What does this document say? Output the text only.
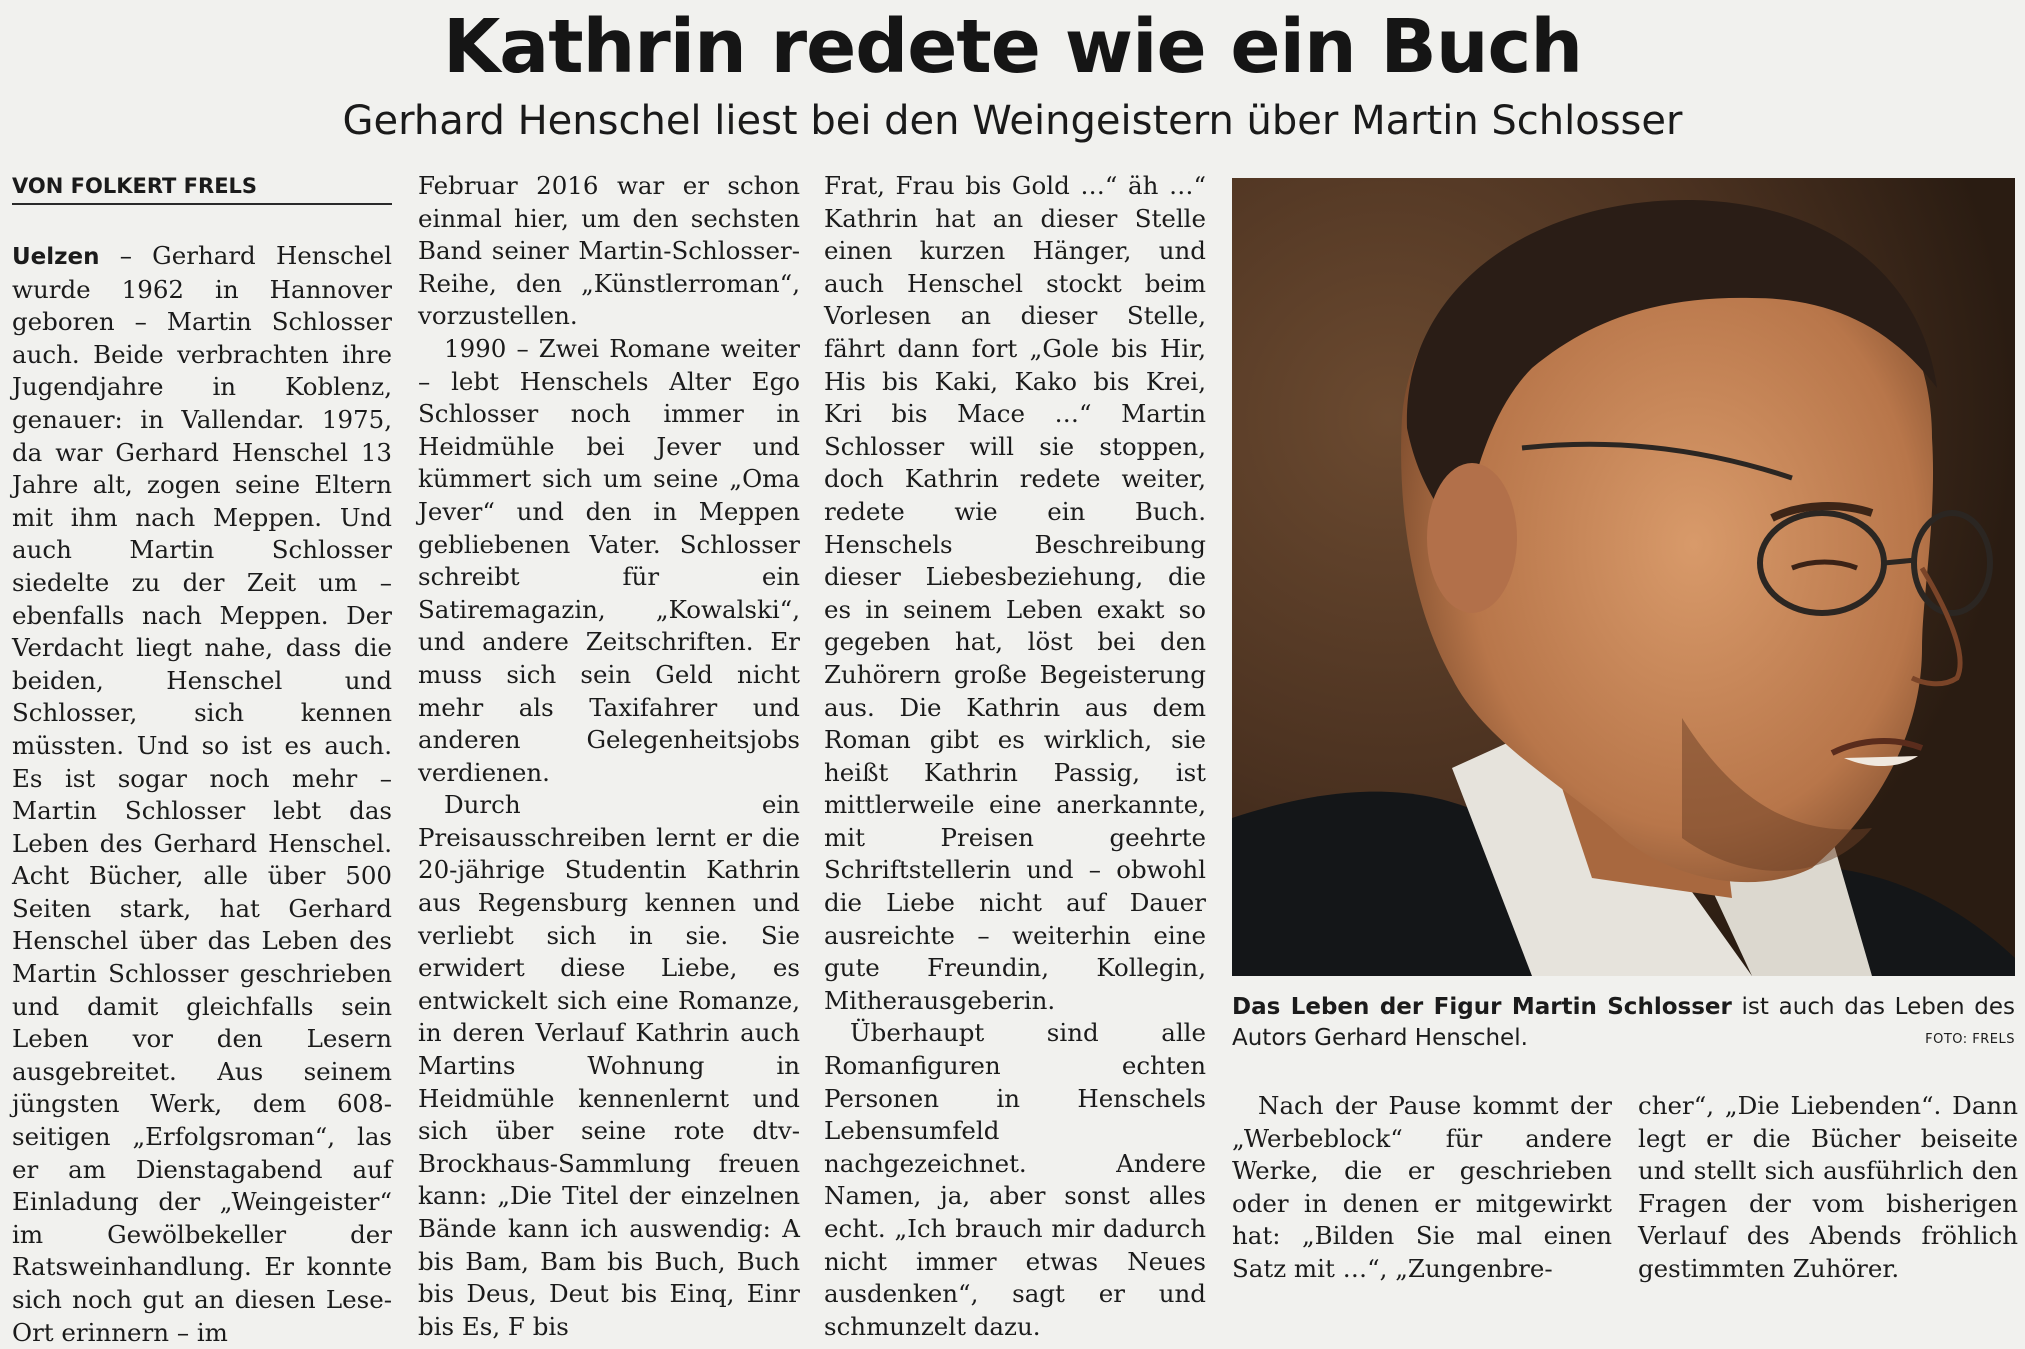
Kathrin redete wie ein Buch
Gerhard Henschel liest bei den Weingeistern über Martin Schlosser
VON FOLKERT FRELS

Uelzen – Gerhard Henschel wurde 1962 in Hannover geboren – Martin Schlosser auch. Beide verbrachten ihre Jugendjahre in Koblenz, genauer: in Vallendar. 1975, da war Gerhard Henschel 13 Jahre alt, zogen seine Eltern mit ihm nach Meppen. Und auch Martin Schlosser siedelte zu der Zeit um – ebenfalls nach Meppen. Der Verdacht liegt nahe, dass die beiden, Henschel und Schlosser, sich kennen müssten. Und so ist es auch. Es ist sogar noch mehr – Martin Schlosser lebt das Leben des Gerhard Henschel. Acht Bücher, alle über 500 Seiten stark, hat Gerhard Henschel über das Leben des Martin Schlosser geschrieben und damit gleichfalls sein Leben vor den Lesern ausgebreitet. Aus seinem jüngsten Werk, dem 608-seitigen „Erfolgsroman“, las er am Dienstagabend auf Einladung der „Weingeister“ im Gewölbekeller der Ratsweinhandlung. Er konnte sich noch gut an diesen Lese-Ort erinnern – im

Februar 2016 war er schon einmal hier, um den sechsten Band seiner Martin-Schlosser-Reihe, den „Künstlerroman“, vorzustellen.

1990 – Zwei Romane weiter – lebt Henschels Alter Ego Schlosser noch immer in Heidmühle bei Jever und kümmert sich um seine „Oma Jever“ und den in Meppen gebliebenen Vater. Schlosser schreibt für ein Satiremagazin, „Kowalski“, und andere Zeitschriften. Er muss sich sein Geld nicht mehr als Taxifahrer und anderen Gelegenheitsjobs verdienen.

Durch ein Preisausschreiben lernt er die 20-jährige Studentin Kathrin aus Regensburg kennen und verliebt sich in sie. Sie erwidert diese Liebe, es entwickelt sich eine Romanze, in deren Verlauf Kathrin auch Martins Wohnung in Heidmühle kennenlernt und sich über seine rote dtv-Brockhaus-Sammlung freuen kann: „Die Titel der einzelnen Bände kann ich auswendig: A bis Bam, Bam bis Buch, Buch bis Deus, Deut bis Einq, Einr bis Es, F bis

Frat, Frau bis Gold …“ äh …“ Kathrin hat an dieser Stelle einen kurzen Hänger, und auch Henschel stockt beim Vorlesen an dieser Stelle, fährt dann fort „Gole bis Hir, His bis Kaki, Kako bis Krei, Kri bis Mace …“ Martin Schlosser will sie stoppen, doch Kathrin redete weiter, redete wie ein Buch. Henschels Beschreibung dieser Liebesbeziehung, die es in seinem Leben exakt so gegeben hat, löst bei den Zuhörern große Begeisterung aus. Die Kathrin aus dem Roman gibt es wirklich, sie heißt Kathrin Passig, ist mittlerweile eine anerkannte, mit Preisen geehrte Schriftstellerin und – obwohl die Liebe nicht auf Dauer ausreichte – weiterhin eine gute Freundin, Kollegin, Mitherausgeberin.

Überhaupt sind alle Romanfiguren echten Personen in Henschels Lebensumfeld nachgezeichnet. Andere Namen, ja, aber sonst alles echt. „Ich brauch mir dadurch nicht immer etwas Neues ausdenken“, sagt er und schmunzelt dazu.

Das Leben der Figur Martin Schlosser ist auch das Leben des Autors Gerhard Henschel.	FOTO: FRELS

Nach der Pause kommt der „Werbeblock“ für andere Werke, die er geschrieben oder in denen er mitgewirkt hat: „Bilden Sie mal einen Satz mit …“, „Zungenbre-

cher“, „Die Liebenden“. Dann legt er die Bücher beiseite und stellt sich ausführlich den Fragen der vom bisherigen Verlauf des Abends fröhlich gestimmten Zuhörer.
